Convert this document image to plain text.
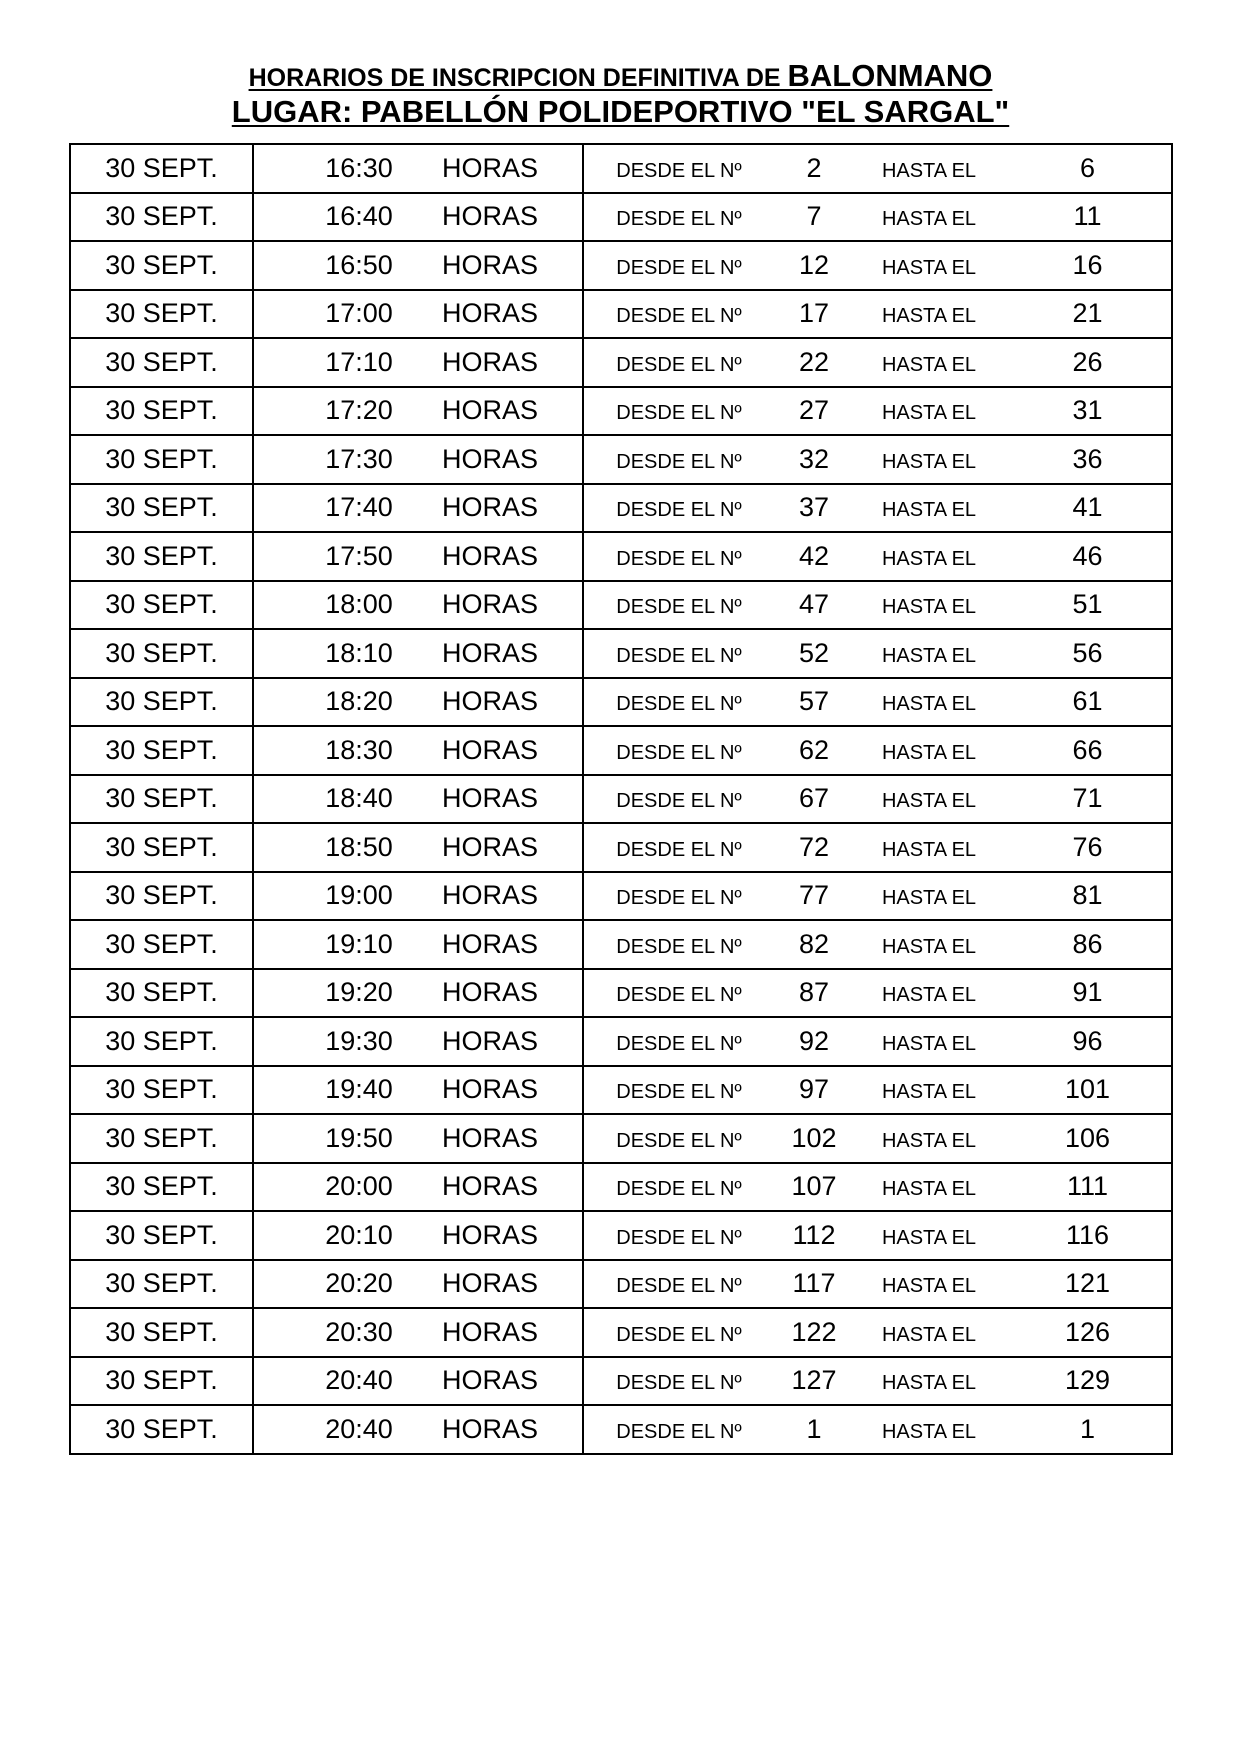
HORARIOS DE INSCRIPCION DEFINITIVA DE BALONMANO
LUGAR: PABELLÓN POLIDEPORTIVO "EL SARGAL"
30 SEPT.	16:30	HORAS	DESDE EL Nº	2	HASTA EL	6
30 SEPT.	16:40	HORAS	DESDE EL Nº	7	HASTA EL	11
30 SEPT.	16:50	HORAS	DESDE EL Nº	12	HASTA EL	16
30 SEPT.	17:00	HORAS	DESDE EL Nº	17	HASTA EL	21
30 SEPT.	17:10	HORAS	DESDE EL Nº	22	HASTA EL	26
30 SEPT.	17:20	HORAS	DESDE EL Nº	27	HASTA EL	31
30 SEPT.	17:30	HORAS	DESDE EL Nº	32	HASTA EL	36
30 SEPT.	17:40	HORAS	DESDE EL Nº	37	HASTA EL	41
30 SEPT.	17:50	HORAS	DESDE EL Nº	42	HASTA EL	46
30 SEPT.	18:00	HORAS	DESDE EL Nº	47	HASTA EL	51
30 SEPT.	18:10	HORAS	DESDE EL Nº	52	HASTA EL	56
30 SEPT.	18:20	HORAS	DESDE EL Nº	57	HASTA EL	61
30 SEPT.	18:30	HORAS	DESDE EL Nº	62	HASTA EL	66
30 SEPT.	18:40	HORAS	DESDE EL Nº	67	HASTA EL	71
30 SEPT.	18:50	HORAS	DESDE EL Nº	72	HASTA EL	76
30 SEPT.	19:00	HORAS	DESDE EL Nº	77	HASTA EL	81
30 SEPT.	19:10	HORAS	DESDE EL Nº	82	HASTA EL	86
30 SEPT.	19:20	HORAS	DESDE EL Nº	87	HASTA EL	91
30 SEPT.	19:30	HORAS	DESDE EL Nº	92	HASTA EL	96
30 SEPT.	19:40	HORAS	DESDE EL Nº	97	HASTA EL	101
30 SEPT.	19:50	HORAS	DESDE EL Nº	102	HASTA EL	106
30 SEPT.	20:00	HORAS	DESDE EL Nº	107	HASTA EL	111
30 SEPT.	20:10	HORAS	DESDE EL Nº	112	HASTA EL	116
30 SEPT.	20:20	HORAS	DESDE EL Nº	117	HASTA EL	121
30 SEPT.	20:30	HORAS	DESDE EL Nº	122	HASTA EL	126
30 SEPT.	20:40	HORAS	DESDE EL Nº	127	HASTA EL	129
30 SEPT.	20:40	HORAS	DESDE EL Nº	1	HASTA EL	1
